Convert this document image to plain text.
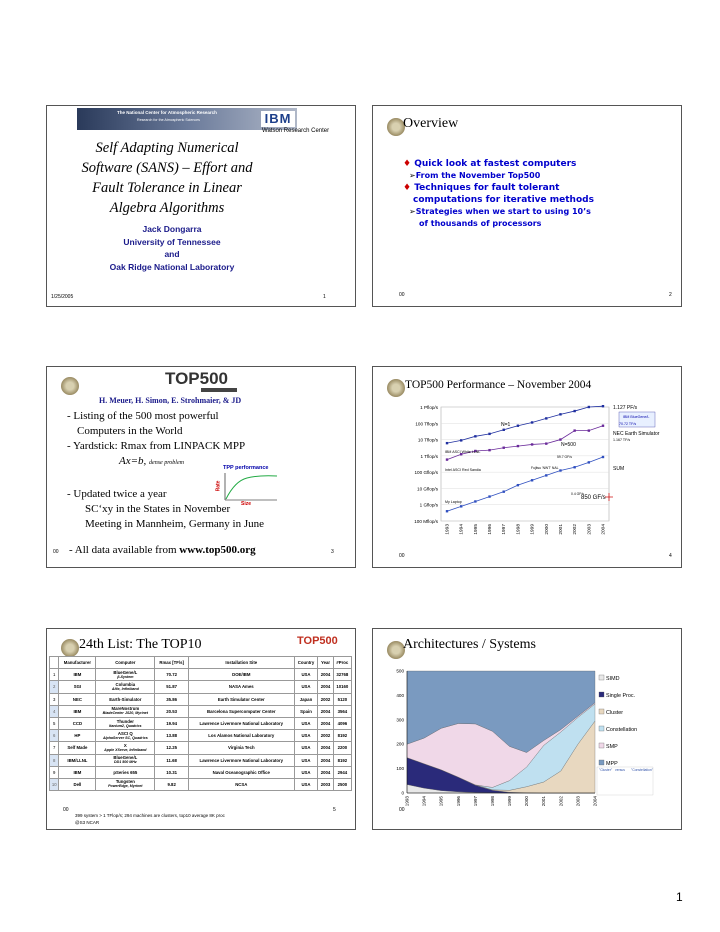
The National Center for Atmospheric Research
Research for the Atmospheric Sciences	IBM
Watson Research Center
Self Adapting Numerical
Software (SANS) – Effort and
Fault Tolerance in Linear
Algebra Algorithms
Jack Dongarra
University of Tennessee
and
Oak Ridge National Laboratory
1/25/2005	1
Overview
♦ Quick look at fastest computers
➢From the November Top500
♦ Techniques for fault tolerant
computations for iterative methods
➢Strategies when we start to using 10’s
of thousands of processors
00	2
TOP500
H. Meuer, H. Simon, E. Strohmaier, & JD
- Listing of the 500 most powerful
Computers in the World
- Yardstick: Rmax from LINPACK MPP
Ax=b, dense problem
TPP performance
Rate
Size
- Updated twice a year
SC‘xy in the States in November
Meeting in Mannheim, Germany in June
00 - All data available from www.top500.org	3
TOP500 Performance – November 2004
1 Pflop/s
100 Tflop/s
10 Tflop/s
1 Tflop/s
100 Gflop/s
10 Gflop/s
1 Gflop/s
100 Mflop/s
1993 1994 1995 1996 1997 1998 1999 2000 2001 2002 2003 2004
1.127 PF/s
NEC Earth Simulator
1.167 TF/s
IBM ASCI White LLNL
59.7 GF/s
Intel ASCI Red Sandia	Fujitsu 'NWT' NAL
0.4 GF/s
My Laptop
850 GF/s
SUM
N=1
N=500
IBM BlueGene/L
70.72 TF/s
00	4
24th List: The TOP10	TOP500
	Manufacturer	Computer	Rmax [TF/s]	Installation Site	Country	Year	#Proc
1	IBM	BlueGene/L
β-System	70.72	DOE/IBM	USA	2004	32768
2	SGI	Columbia
Altix, Infiniband	51.87	NASA Ames	USA	2004	10160
3	NEC	Earth-Simulator	35.86	Earth Simulator Center	Japan	2002	5120
4	IBM	MareNostrum
BladeCenter JS20, Myrinet	20.53	Barcelona Supercomputer Center	Spain	2004	3564
5	CCD	Thunder
Itanium2, Quadrics	19.94	Lawrence Livermore National Laboratory	USA	2004	4096
6	HP	ASCI Q
AlphaServer SC, Quadrics	13.88	Los Alamos National Laboratory	USA	2002	8192
7	Self Made	X
Apple XServe, Infiniband	12.25	Virginia Tech	USA	2004	2200
8	IBM/LLNL	BlueGene/L
DD1 500 MHz	11.68	Lawrence Livermore National Laboratory	USA	2004	8192
9	IBM	pSeries 655	10.31	Naval Oceanographic Office	USA	2004	2944
10	Dell	Tungsten
PowerEdge, Myrinet	9.82	NCSA	USA	2003	2500
00	5
399 system > 1 TFlop/s; 294 machines are clusters, top10 average 8K proc
@S3 NCAR
Architectures / Systems
0
100
200
300
400
500
1993	1994	1995	1996	1997	1998	1999	2000	2001	2002	2003	2004
SIMD
Single Proc.
Cluster
Constellation
SMP
MPP
"Cluster" versus "Constellation"
00
1
